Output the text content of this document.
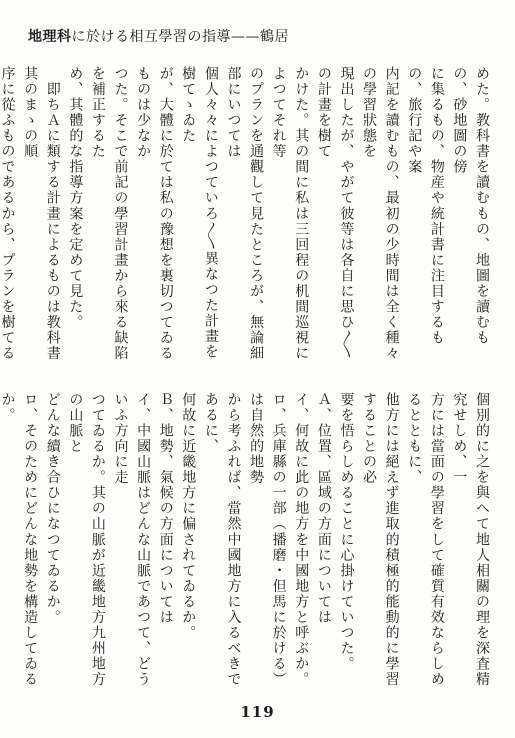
地理科に於ける相互學習の指導——鶴居
めた。教科書を讀むもの、地圖を讀むもの、砂地圖の傍
に集るもの、物産や統計書に注目するもの、旅行記や案
内記を讀むもの、最初の少時間は全く種々の學習狀態を
現出したが、やがて彼等は各自に思ひ〳〵の計畫を樹て
かけた。其の間に私は三回程の机間巡視によつてそれ等
のプランを通觀して見たところが、無論細部にいつては
個人々々によつていろ〳〵異なつた計畫を樹てゝゐた
が、大體に於ては私の豫想を裏切つてゐるものは少なか
つた。そこで前記の學習計畫から來る缺陷を補正するた
め、其體的な指導方案を定めて見た。
　即ちＡに類する計畫によるものは教科書其のまゝの順
序に從ふものであるから、プランを樹てる

個別的に之を與へて地人相關の理を深査精究せしめ、一
方には當面の學習をして確質有效ならしめるとともに、
他方には絕えず進取的積極的能動的に學習することの必
要を悟らしめることに心掛けていつた。
Ａ、位置、區域の方面については
イ、何故に此の地方を中國地方と呼ぶか。
ロ、兵庫縣の一部（播磨・但馬に於ける）は自然的地勢
から考ふれば、當然中國地方に入るべきであるに、
何故に近畿地方に偏されてゐるか。
Ｂ、地勢、氣候の方面については
イ、中國山脈はどんな山脈であつて、どういふ方向に走
つてゐるか。其の山脈が近畿地方九州地方の山脈と
どんな續き合ひになつてゐるか。
ロ、そのためにどんな地勢を構造してゐるか。

119
